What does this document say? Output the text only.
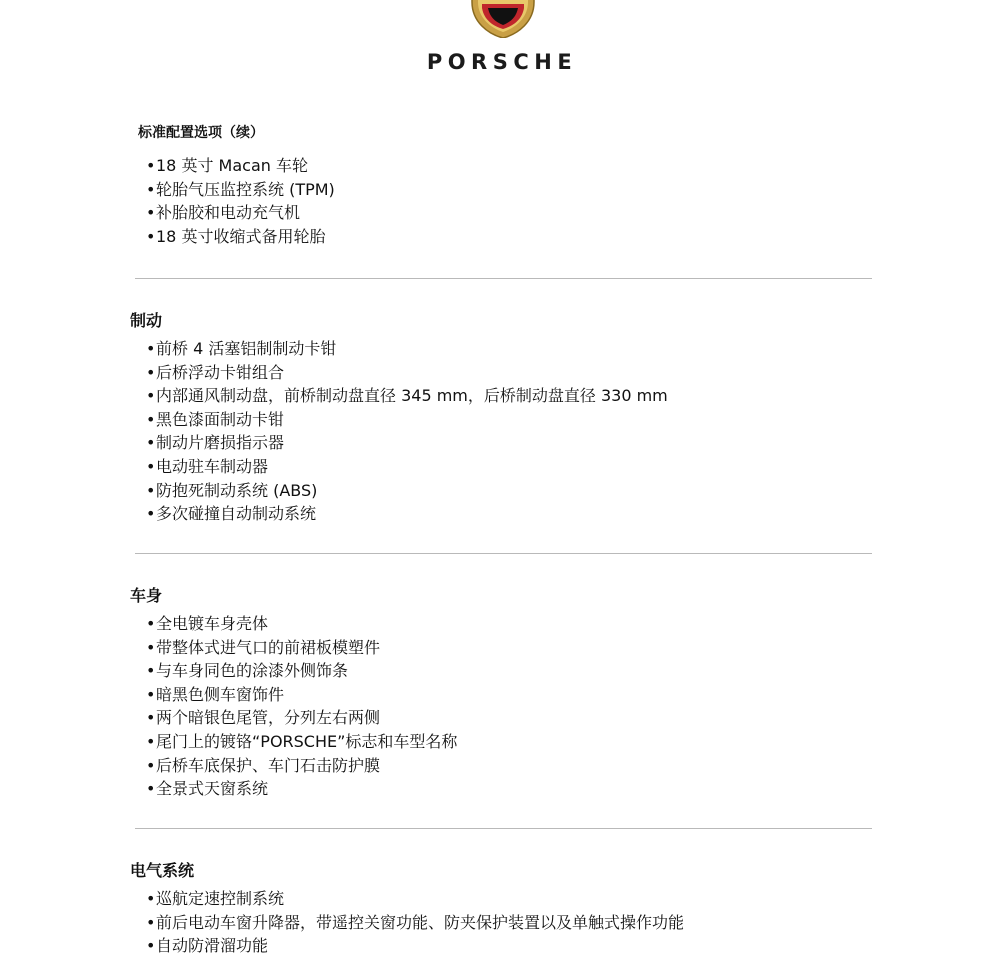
PORSCHE
标准配置选项（续）
•18 英寸 Macan 车轮
•轮胎气压监控系统 (TPM)
•补胎胶和电动充气机
•18 英寸收缩式备用轮胎
制动
•前桥 4 活塞铝制制动卡钳
•后桥浮动卡钳组合
•内部通风制动盘，前桥制动盘直径 345 mm，后桥制动盘直径 330 mm
•黑色漆面制动卡钳
•制动片磨损指示器
•电动驻车制动器
•防抱死制动系统 (ABS)
•多次碰撞自动制动系统
车身
•全电镀车身壳体
•带整体式进气口的前裙板模塑件
•与车身同色的涂漆外侧饰条
•暗黑色侧车窗饰件
•两个暗银色尾管，分列左右两侧
•尾门上的镀铬“PORSCHE”标志和车型名称
•后桥车底保护、车门石击防护膜
•全景式天窗系统
电气系统
•巡航定速控制系统
•前后电动车窗升降器，带遥控关窗功能、防夹保护装置以及单触式操作功能
•自动防滑溜功能
